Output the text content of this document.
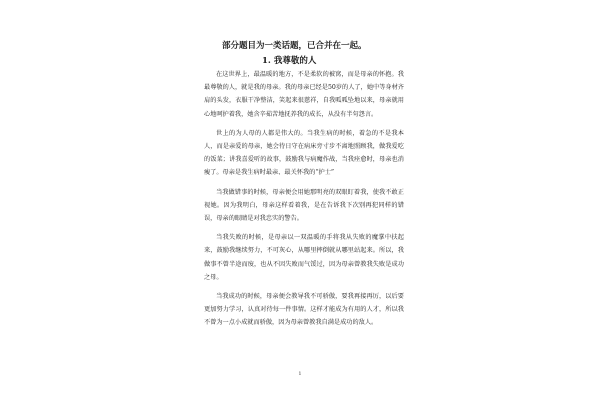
部分题目为一类话题，已合并在一起。
1. 我尊敬的人

在这世界上，最温暖的地方，不是柔软的被窝，而是母亲的怀抱。我最尊敬的人，就是我的母亲。我的母亲已经是50岁的人了，她中等身材齐肩的头发，衣服干净整洁，笑起来很慈祥，自我呱呱坠地以来，母亲就用心地呵护着我，她含辛茹苦地抚养我的成长，从没有半句怨言。

世上的为人母的人都是伟大的。当我生病的时候，着急的不是我本人，而是亲爱的母亲，她会待日守在病床旁寸步不离地照顾我，做我爱吃的饭菜；讲我喜爱听的故事，鼓励我与病魔作战，当我痊愈时，母亲也消瘦了。母亲是我生病时最亲、最关怀我的“护士”

当我做错事的时候，母亲便会用她那明亮的双眼盯着我，使我不敢正视她。因为我明白，母亲这样看着我，是在告诉我下次别再犯同样的错误，母亲的眼睛是对我忠实的警告。

当我失败的时候，是母亲以一双温暖的手将我从失败的魔掌中扶起来，鼓励我继续努力，不可灰心，从哪里摔倒就从哪里站起来。所以，我做事不曾半途而废，也从不因失败而气馁过，因为母亲曾教我失败是成功之母。

当我成功的时候，母亲便会教导我不可骄傲，要我再接再厉，以后要更加努力学习，认真对待每一件事情。这样才能成为有用的人才，所以我不曾为一点小成就而骄傲，因为母亲曾教我自满是成功的敌人。

1
